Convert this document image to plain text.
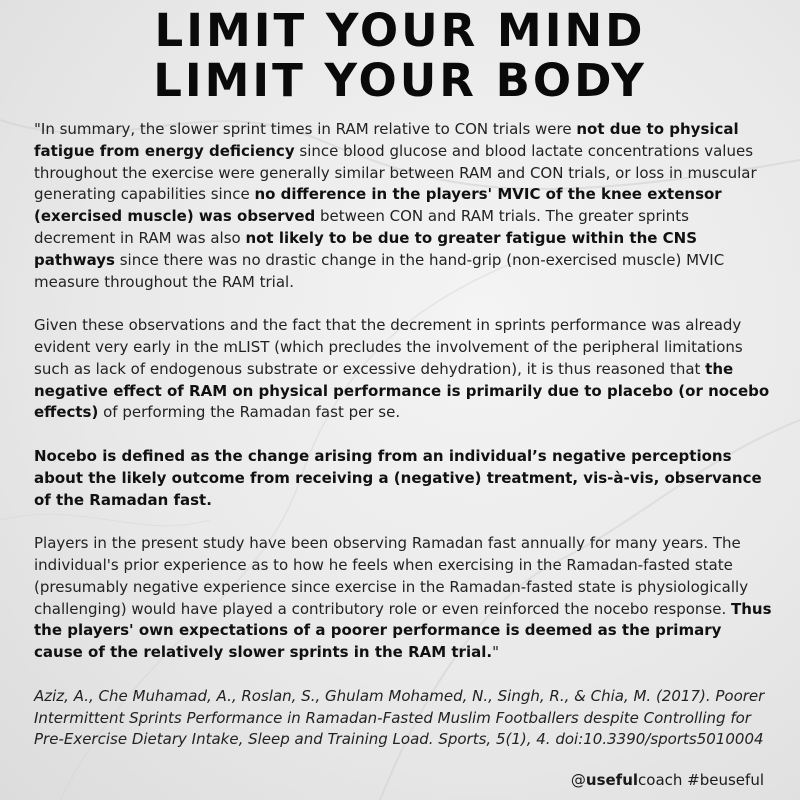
LIMIT YOUR MIND
LIMIT YOUR BODY

"In summary, the slower sprint times in RAM relative to CON trials were not due to physical fatigue from energy deficiency since blood glucose and blood lactate concentrations values throughout the exercise were generally similar between RAM and CON trials, or loss in muscular generating capabilities since no difference in the players' MVIC of the knee extensor (exercised muscle) was observed between CON and RAM trials. The greater sprints decrement in RAM was also not likely to be due to greater fatigue within the CNS pathways since there was no drastic change in the hand-grip (non-exercised muscle) MVIC measure throughout the RAM trial.

Given these observations and the fact that the decrement in sprints performance was already evident very early in the mLIST (which precludes the involvement of the peripheral limitations such as lack of endogenous substrate or excessive dehydration), it is thus reasoned that the negative effect of RAM on physical performance is primarily due to placebo (or nocebo effects) of performing the Ramadan fast per se.

Nocebo is defined as the change arising from an individual’s negative perceptions about the likely outcome from receiving a (negative) treatment, vis-à-vis, observance of the Ramadan fast.

Players in the present study have been observing Ramadan fast annually for many years. The individual's prior experience as to how he feels when exercising in the Ramadan-fasted state (presumably negative experience since exercise in the Ramadan-fasted state is physiologically challenging) would have played a contributory role or even reinforced the nocebo response. Thus the players' own expectations of a poorer performance is deemed as the primary cause of the relatively slower sprints in the RAM trial."

Aziz, A., Che Muhamad, A., Roslan, S., Ghulam Mohamed, N., Singh, R., & Chia, M. (2017). Poorer Intermittent Sprints Performance in Ramadan-Fasted Muslim Footballers despite Controlling for Pre-Exercise Dietary Intake, Sleep and Training Load. Sports, 5(1), 4. doi:10.3390/sports5010004

@usefulcoach #beuseful
